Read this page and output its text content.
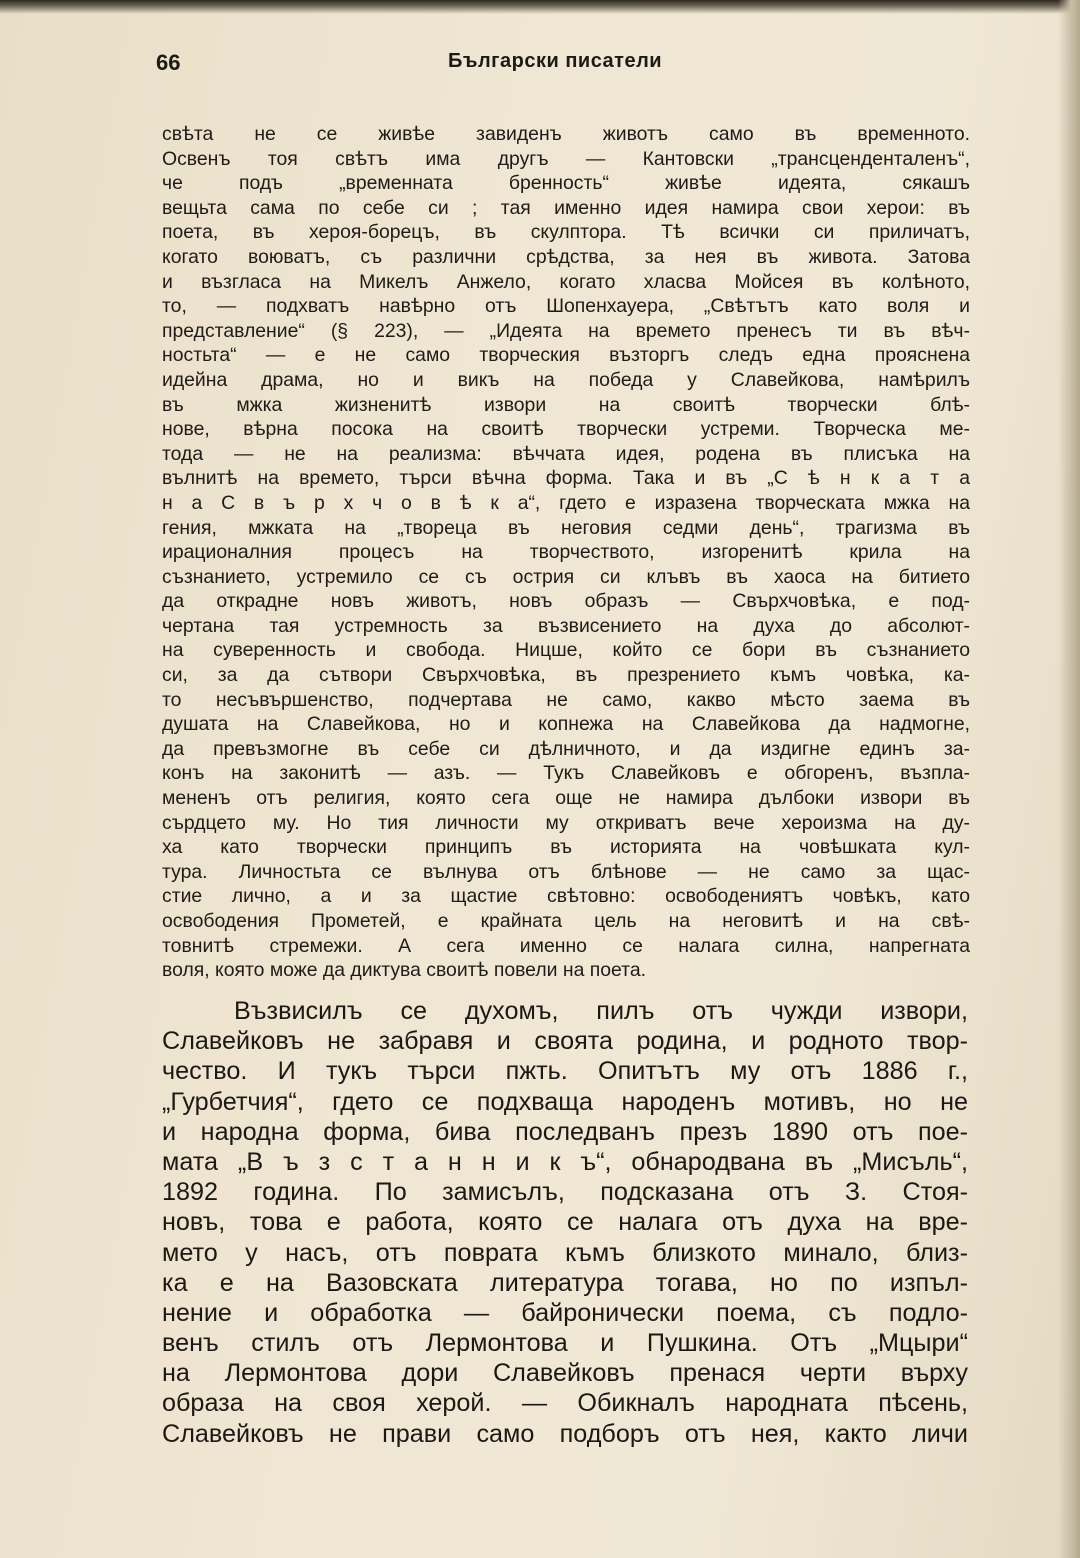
66	Български писатели
свѣта не се живѣе завиденъ животъ само въ временното.
Освенъ тоя свѣтъ има другъ — Кантовски „трансценденталенъ“,
че подъ „временната бренность“ живѣе идеята, сякашъ
вещьта сама по себе си ; тая именно идея намира свои херои: въ
поета, въ хероя-борецъ, въ скулптора. Тѣ всички си приличатъ,
когато воюватъ, съ различни срѣдства, за нея въ живота. Затова
и възгласа на Микелъ Анжело, когато хласва Мойсея въ колѣното,
то, — подхватъ навѣрно отъ Шопенхауера, „Свѣтътъ като воля и
представление“ (§ 223), — „Идеята на времето пренесъ ти въ вѣч-
ностьта“ — е не само творческия възторгъ следъ една прояснена
идейна драма, но и викъ на победа у Славейкова, намѣрилъ
въ мжка жизненитѣ извори на своитѣ творчески блѣ-
нове, вѣрна посока на своитѣ творчески устреми. Творческа ме-
тода — не на реализма: вѣччата идея, родена въ плисъка на
вълнитѣ на времето, търси вѣчна форма. Така и въ „С ѣ н к а т а
н а С в ъ р х ч о в ѣ к а“, гдето е изразена творческата мжка на
гения, мжката на „твореца въ неговия седми день“, трагизма въ
ирационалния процесъ на творчеството, изгоренитѣ крила на
съзнанието, устремило се съ острия си клъвъ въ хаоса на битието
да открадне новъ животъ, новъ образъ — Свърхчовѣка, е под-
чертана тая устремность за възвисението на духа до абсолют-
на суверенность и свобода. Ницше, който се бори въ съзнанието
си, за да сътвори Свърхчовѣка, въ презрението къмъ човѣка, ка-
то несъвършенство, подчертава не само, какво мѣсто заема въ
душата на Славейкова, но и копнежа на Славейкова да надмогне,
да превъзмогне въ себе си дѣлничното, и да издигне единъ за-
конъ на законитѣ — азъ. — Тукъ Славейковъ е обгоренъ, възпла-
мененъ отъ религия, която сега още не намира дълбоки извори въ
сърдцето му. Но тия личности му откриватъ вече хероизма на ду-
ха като творчески принципъ въ историята на човѣшката кул-
тура. Личностьта се вълнува отъ блѣнове — не само за щас-
стие лично, а и за щастие свѣтовно: освободениятъ човѣкъ, като
освободения Прометей, е крайната цель на неговитѣ и на свѣ-
товнитѣ стремежи. А сега именно се налага силна, напрегната
воля, която може да диктува своитѣ повели на поета.
Възвисилъ се духомъ, пилъ отъ чужди извори,
Славейковъ не забравя и своята родина, и родното твор-
чество. И тукъ търси пжть. Опитътъ му отъ 1886 г.,
„Гурбетчия“, гдето се подхваща народенъ мотивъ, но не
и народна форма, бива последванъ презъ 1890 отъ пое-
мата „В ъ з с т а н н и к ъ“, обнародвана въ „Мисъль“,
1892 година. По замисълъ, подсказана отъ З. Стоя-
новъ, това е работа, която се налага отъ духа на вре-
мето у насъ, отъ поврата къмъ близкото минало, близ-
ка е на Вазовската литература тогава, но по изпъл-
нение и обработка — байронически поема, съ подло-
венъ стилъ отъ Лермонтова и Пушкина. Отъ „Мцыри“
на Лермонтова дори Славейковъ пренася черти върху
образа на своя херой. — Обикналъ народната пѣсень,
Славейковъ не прави само подборъ отъ нея, както личи
